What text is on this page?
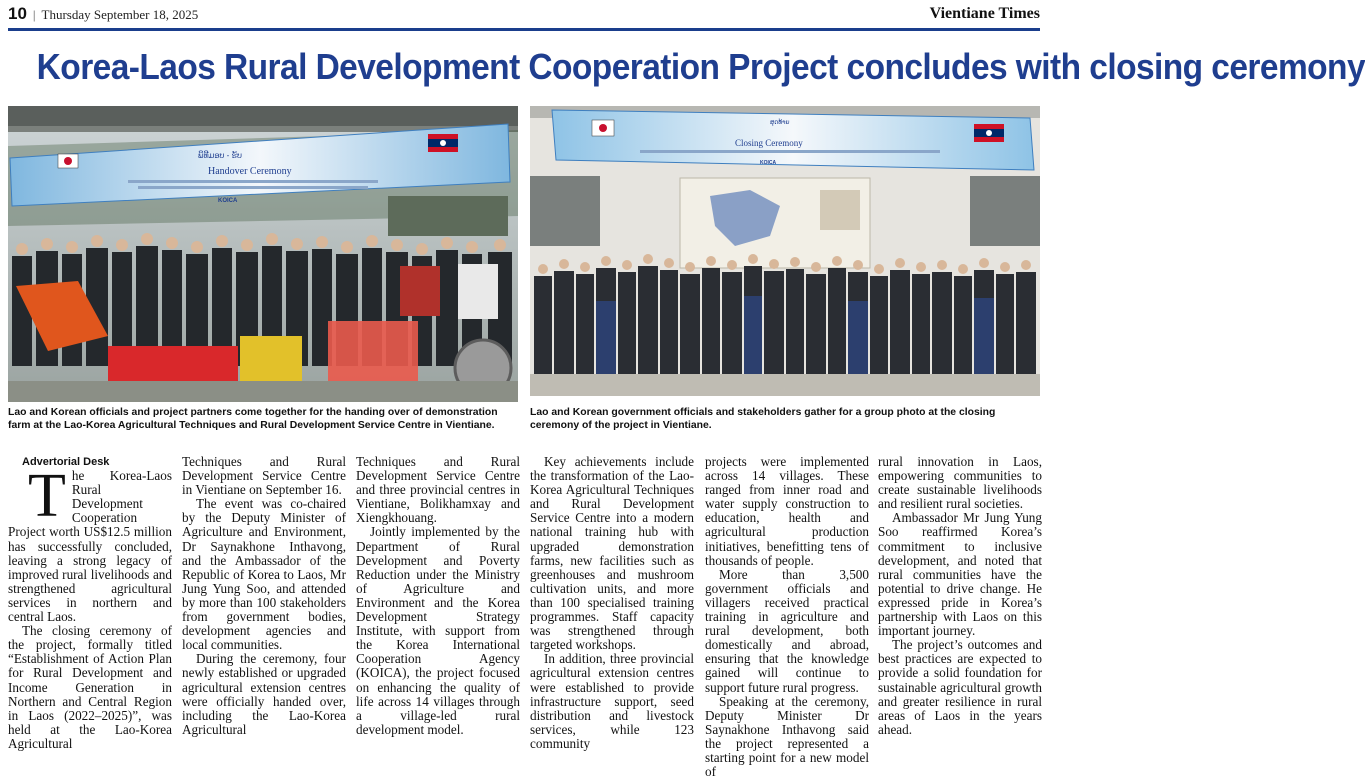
10 | Thursday September 18, 2025	Vientiane Times
Korea-Laos Rural Development Cooperation Project concludes with closing ceremony
ພິທີມອບ - ຮັບ
Handover Ceremony
KOICA
ສຸດທ້າຍ
Closing Ceremony
KOICA
Lao and Korean officials and project partners come together for the handing over of demonstration farm at the Lao-Korea Agricultural Techniques and Rural Development Service Centre in Vientiane.
Lao and Korean government officials and stakeholders gather for a group photo at the closing ceremony of the project in Vientiane.

Advertorial Desk

The Korea-Laos Rural Development Cooperation Project worth US$12.5 million has successfully concluded, leaving a strong legacy of improved rural livelihoods and strengthened agricultural services in northern and central Laos.

The closing ceremony of the project, formally titled “Establishment of Action Plan for Rural Development and Income Generation in Northern and Central Region in Laos (2022–2025)”, was held at the Lao-Korea Agricultural

Techniques and Rural Development Service Centre in Vientiane on September 16.

The event was co-chaired by the Deputy Minister of Agriculture and Environment, Dr Saynakhone Inthavong, and the Ambassador of the Republic of Korea to Laos, Mr Jung Yung Soo, and attended by more than 100 stakeholders from government bodies, development agencies and local communities.

During the ceremony, four newly established or upgraded agricultural extension centres were officially handed over, including the Lao-Korea Agricultural

Techniques and Rural Development Service Centre and three provincial centres in Vientiane, Bolikhamxay and Xiengkhouang.

Jointly implemented by the Department of Rural Development and Poverty Reduction under the Ministry of Agriculture and Environment and the Korea Development Strategy Institute, with support from the Korea International Cooperation Agency (KOICA), the project focused on enhancing the quality of life across 14 villages through a village-led rural development model.

Key achievements include the transformation of the Lao-Korea Agricultural Techniques and Rural Development Service Centre into a modern national training hub with upgraded demonstration farms, new facilities such as greenhouses and mushroom cultivation units, and more than 100 specialised training programmes. Staff capacity was strengthened through targeted workshops.

In addition, three provincial agricultural extension centres were established to provide infrastructure support, seed distribution and livestock services, while 123 community

projects were implemented across 14 villages. These ranged from inner road and water supply construction to education, health and agricultural production initiatives, benefitting tens of thousands of people.

More than 3,500 government officials and villagers received practical training in agriculture and rural development, both domestically and abroad, ensuring that the knowledge gained will continue to support future rural progress.

Speaking at the ceremony, Deputy Minister Dr Saynakhone Inthavong said the project represented a starting point for a new model of

rural innovation in Laos, empowering communities to create sustainable livelihoods and resilient rural societies.

Ambassador Mr Jung Yung Soo reaffirmed Korea’s commitment to inclusive development, and noted that rural communities have the potential to drive change. He expressed pride in Korea’s partnership with Laos on this important journey.

The project’s outcomes and best practices are expected to provide a solid foundation for sustainable agricultural growth and greater resilience in rural areas of Laos in the years ahead.
